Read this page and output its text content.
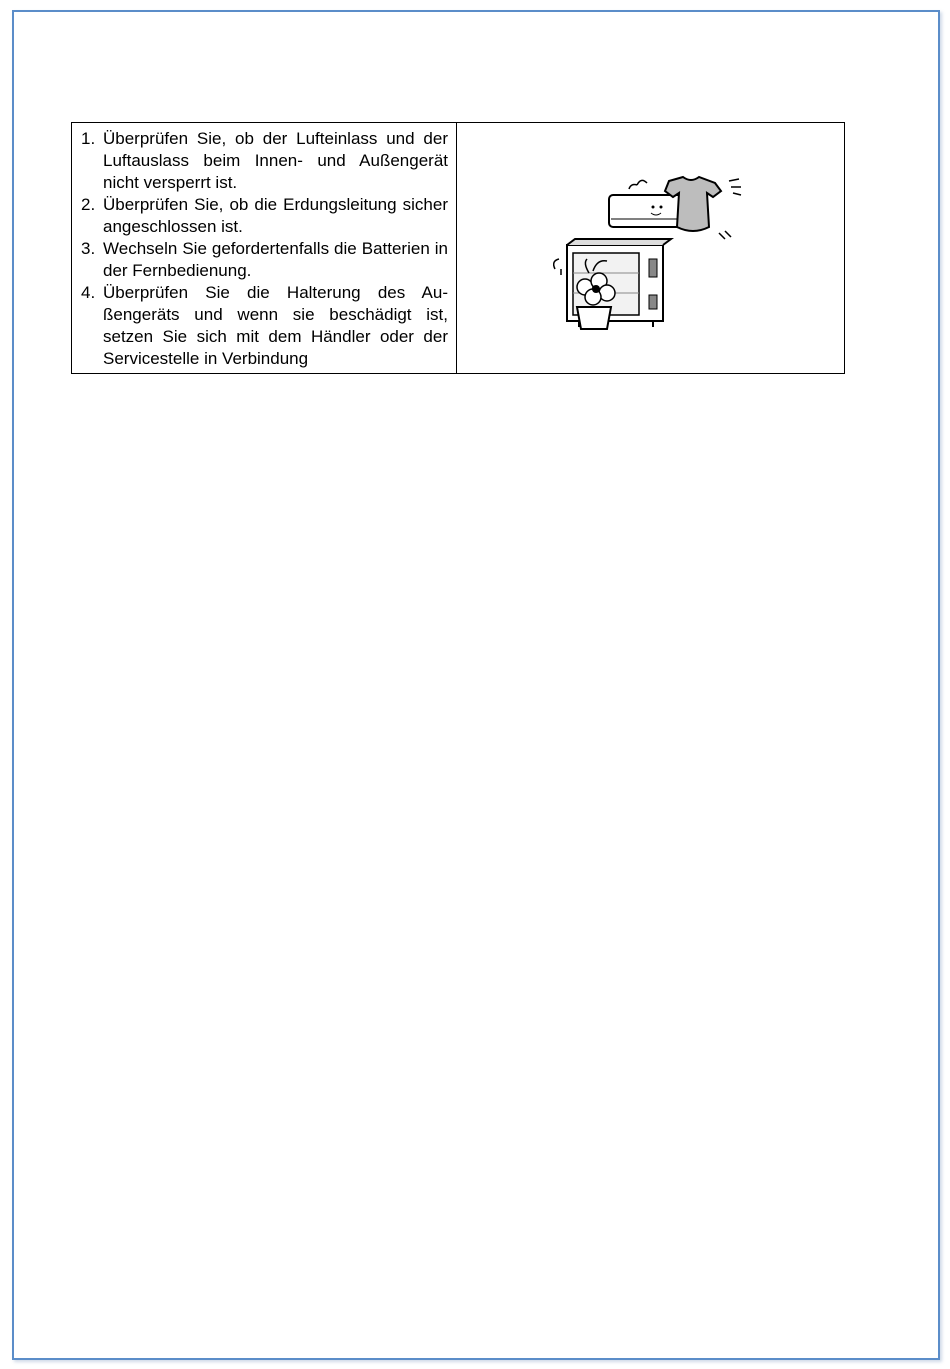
1. Überprüfen Sie, ob der Lufteinlass und der Luftauslass beim Innen- und Außengerät nicht versperrt ist.
2. Überprüfen Sie, ob die Erdungsleitung sicher angeschlossen ist.
3. Wechseln Sie gefordertenfalls die Batterien in der Fernbedienung.
4. Überprüfen Sie die Halterung des Außengeräts und wenn sie beschädigt ist, setzen Sie sich mit dem Händler oder der Servicestelle in Verbindung
